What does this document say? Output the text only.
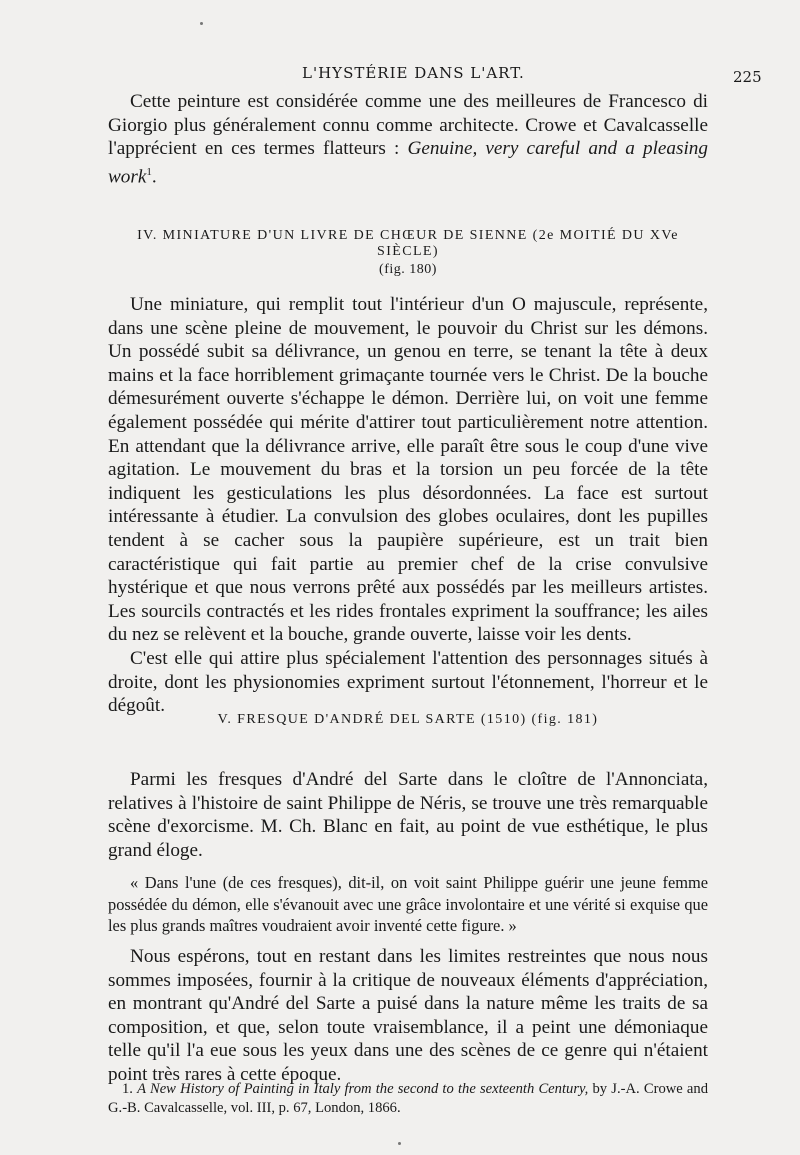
L'HYSTÉRIE DANS L'ART.	225

Cette peinture est considérée comme une des meilleures de Francesco di Giorgio plus généralement connu comme architecte. Crowe et Cavalcasselle l'apprécient en ces termes flatteurs : Genuine, very careful and a pleasing work$^1$.

IV. MINIATURE D'UN LIVRE DE CHŒUR DE SIENNE (2e MOITIÉ DU XVe SIÈCLE)
(fig. 180)

Une miniature, qui remplit tout l'intérieur d'un O majuscule, représente, dans une scène pleine de mouvement, le pouvoir du Christ sur les démons. Un possédé subit sa délivrance, un genou en terre, se tenant la tête à deux mains et la face horriblement grimaçante tournée vers le Christ. De la bouche démesurément ouverte s'échappe le démon. Derrière lui, on voit une femme également possédée qui mérite d'attirer tout particulièrement notre attention. En attendant que la délivrance arrive, elle paraît être sous le coup d'une vive agitation. Le mouvement du bras et la torsion un peu forcée de la tête indiquent les gesticulations les plus désordonnées. La face est surtout intéressante à étudier. La convulsion des globes oculaires, dont les pupilles tendent à se cacher sous la paupière supérieure, est un trait bien caractéristique qui fait partie au premier chef de la crise convulsive hystérique et que nous verrons prêté aux possédés par les meilleurs artistes. Les sourcils contractés et les rides frontales expriment la souffrance; les ailes du nez se relèvent et la bouche, grande ouverte, laisse voir les dents.

C'est elle qui attire plus spécialement l'attention des personnages situés à droite, dont les physionomies expriment surtout l'étonnement, l'horreur et le dégoût.

V. FRESQUE D'ANDRÉ DEL SARTE (1510) (fig. 181)

Parmi les fresques d'André del Sarte dans le cloître de l'Annonciata, relatives à l'histoire de saint Philippe de Néris, se trouve une très remarquable scène d'exorcisme. M. Ch. Blanc en fait, au point de vue esthétique, le plus grand éloge.

« Dans l'une (de ces fresques), dit-il, on voit saint Philippe guérir une jeune femme possédée du démon, elle s'évanouit avec une grâce involontaire et une vérité si exquise que les plus grands maîtres voudraient avoir inventé cette figure. »

Nous espérons, tout en restant dans les limites restreintes que nous nous sommes imposées, fournir à la critique de nouveaux éléments d'appréciation, en montrant qu'André del Sarte a puisé dans la nature même les traits de sa composition, et que, selon toute vraisemblance, il a peint une démoniaque telle qu'il l'a eue sous les yeux dans une des scènes de ce genre qui n'étaient point très rares à cette époque.

1. A New History of Painting in Italy from the second to the sexteenth Century, by J.-A. Crowe and G.-B. Cavalcasselle, vol. III, p. 67, London, 1866.
